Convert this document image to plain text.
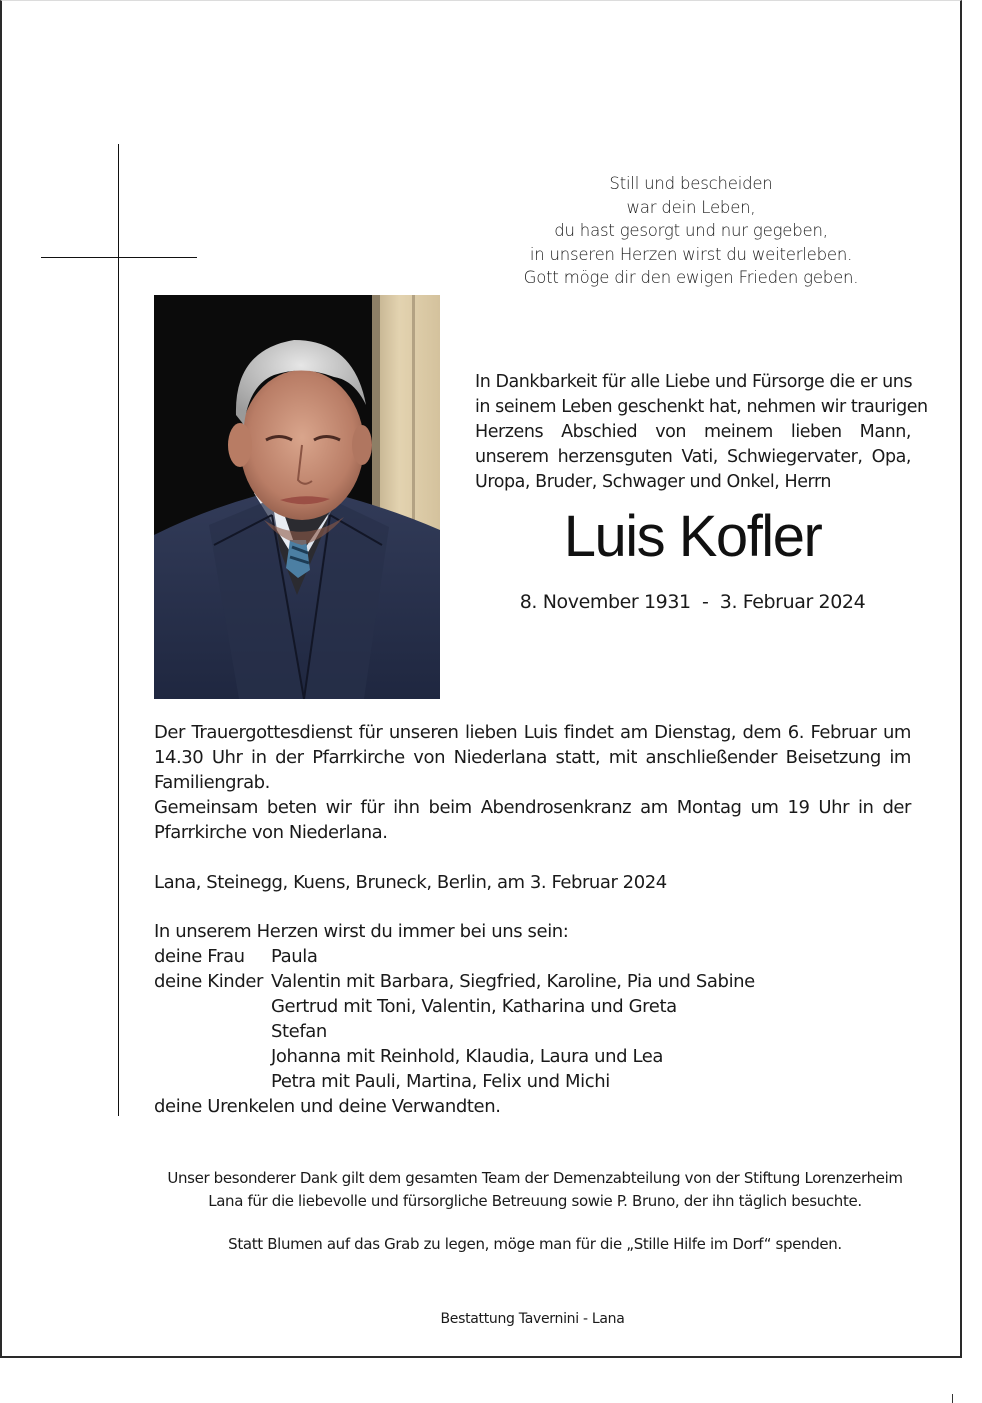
Still und bescheiden
war dein Leben,
du hast gesorgt und nur gegeben,
in unseren Herzen wirst du weiterleben.
Gott möge dir den ewigen Frieden geben.
In Dankbarkeit für alle Liebe und Fürsorge die er uns
in seinem Leben geschenkt hat, nehmen wir traurigen
Herzens Abschied von meinem lieben Mann,
unserem herzensguten Vati, Schwiegervater, Opa,
Uropa, Bruder, Schwager und Onkel, Herrn
Luis Kofler
8. November 1931  -  3. Februar 2024
Der Trauergottesdienst für unseren lieben Luis findet am Dienstag, dem 6. Februar um
14.30 Uhr in der Pfarrkirche von Niederlana statt, mit anschließender Beisetzung im
Familiengrab.
Gemeinsam beten wir für ihn beim Abendrosenkranz am Montag um 19 Uhr in der
Pfarrkirche von Niederlana.
Lana, Steinegg, Kuens, Bruneck, Berlin, am 3. Februar 2024
In unserem Herzen wirst du immer bei uns sein:
deine Frau Paula
deine Kinder Valentin mit Barbara, Siegfried, Karoline, Pia und Sabine
Gertrud mit Toni, Valentin, Katharina und Greta
Stefan
Johanna mit Reinhold, Klaudia, Laura und Lea
Petra mit Pauli, Martina, Felix und Michi
deine Urenkelen und deine Verwandten.
Unser besonderer Dank gilt dem gesamten Team der Demenzabteilung von der Stiftung Lorenzerheim
Lana für die liebevolle und fürsorgliche Betreuung sowie P. Bruno, der ihn täglich besuchte.
Statt Blumen auf das Grab zu legen, möge man für die „Stille Hilfe im Dorf“ spenden.
Bestattung Tavernini - Lana
